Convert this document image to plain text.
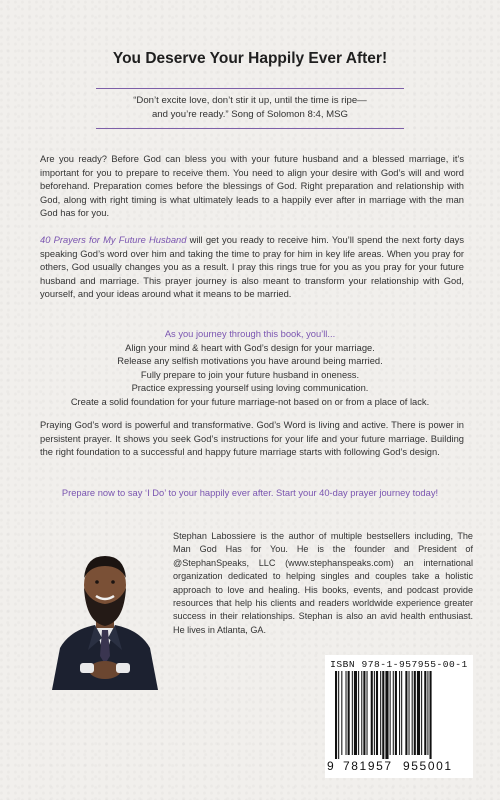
You Deserve Your Happily Ever After!
“Don’t excite love, don’t stir it up, until the time is ripe—
and you’re ready.” Song of Solomon 8:4, MSG

Are you ready? Before God can bless you with your future husband and a blessed marriage, it’s important for you to prepare to receive them. You need to align your desire with God’s will and word beforehand. Preparation comes before the blessings of God. Right preparation and relationship with God, along with right timing is what ultimately leads to a happily ever after in marriage with the man God has for you.

40 Prayers for My Future Husband will get you ready to receive him. You’ll spend the next forty days speaking God’s word over him and taking the time to pray for him in key life areas. When you pray for others, God usually changes you as a result. I pray this rings true for you as you pray for your future husband and marriage. This prayer journey is also meant to transform your relationship with God, yourself, and your ideas around what it means to be married.

As you journey through this book, you’ll...
Align your mind & heart with God’s design for your marriage.
Release any selfish motivations you have around being married.
Fully prepare to join your future husband in oneness.
Practice expressing yourself using loving communication.
Create a solid foundation for your future marriage-not based on or from a place of lack.

Praying God’s word is powerful and transformative. God’s Word is living and active. There is power in persistent prayer. It shows you seek God’s instructions for your life and your future marriage. Building the right foundation to a successful and happy future marriage starts with following God’s design.

Prepare now to say ‘I Do’ to your happily ever after. Start your 40-day prayer journey today!

Stephan Labossiere is the author of multiple bestsellers including, The Man God Has for You. He is the founder and President of @StephanSpeaks, LLC (www.stephanspeaks.com) an international organization dedicated to helping singles and couples take a holistic approach to love and healing. His books, events, and podcast provide resources that help his clients and readers worldwide experience greater success in their relationships. Stephan is also an avid health enthusiast. He lives in Atlanta, GA.

ISBN 978-1-957955-00-1
9 781957 955001
